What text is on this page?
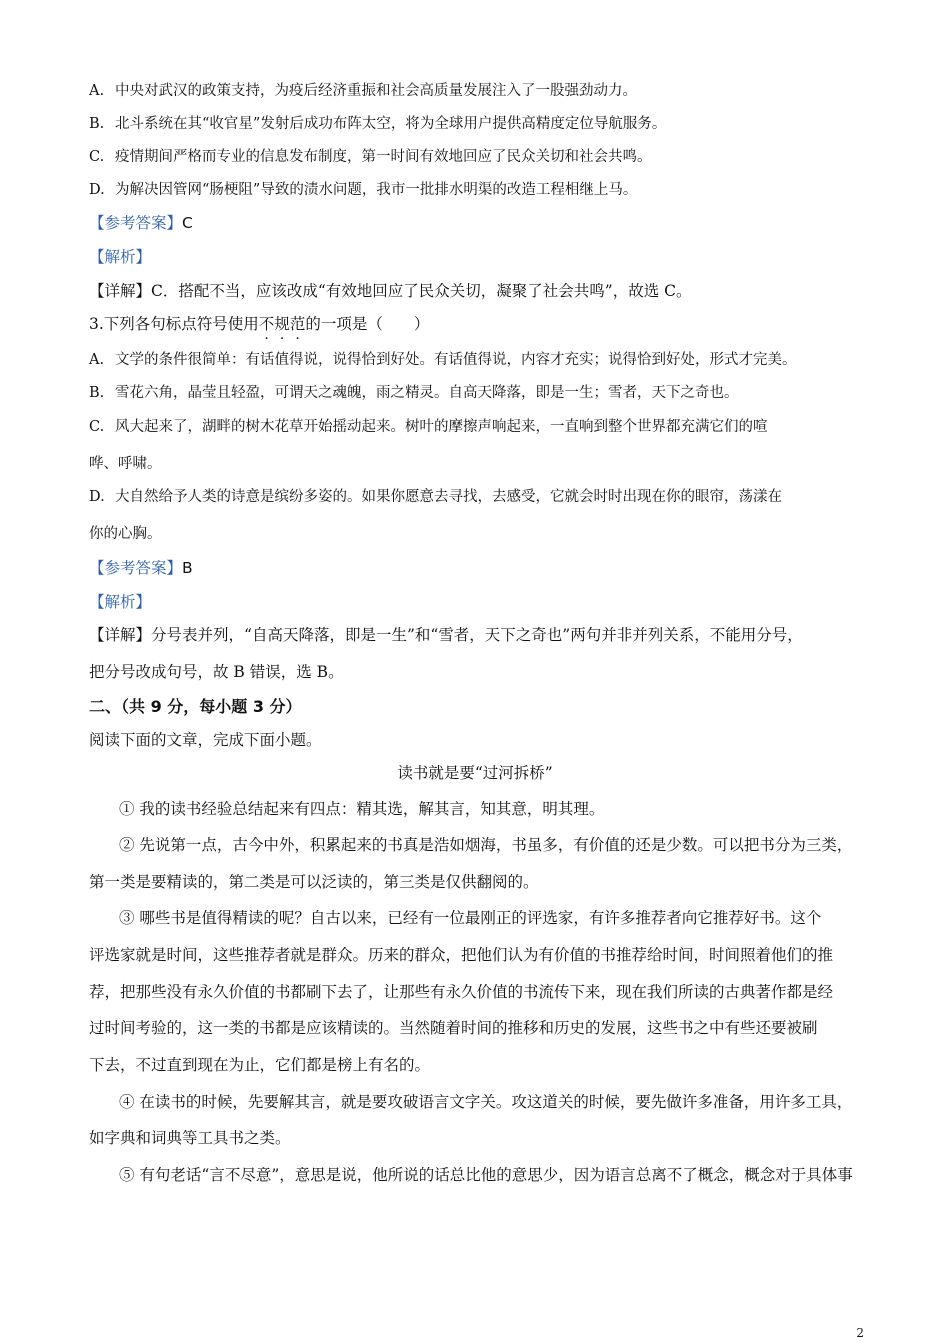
A. 中央对武汉的政策支持，为疫后经济重振和社会高质量发展注入了一股强劲动力。
B. 北斗系统在其“收官星”发射后成功布阵太空，将为全球用户提供高精度定位导航服务。
C. 疫情期间严格而专业的信息发布制度，第一时间有效地回应了民众关切和社会共鸣。
D. 为解决因管网“肠梗阻”导致的渍水问题，我市一批排水明渠的改造工程相继上马。
【参考答案】C
【解析】
【详解】C．搭配不当，应该改成“有效地回应了民众关切，凝聚了社会共鸣”，故选 C。
3.下列各句标点符号使用不规范的一项是（　　）
A. 文学的条件很简单：有话值得说，说得恰到好处。有话值得说，内容才充实；说得恰到好处，形式才完美。
B. 雪花六角，晶莹且轻盈，可谓天之魂魄，雨之精灵。自高天降落，即是一生；雪者，天下之奇也。
C. 风大起来了，湖畔的树木花草开始摇动起来。树叶的摩擦声响起来，一直响到整个世界都充满它们的喧
哗、呼啸。
D. 大自然给予人类的诗意是缤纷多姿的。如果你愿意去寻找，去感受，它就会时时出现在你的眼帘，荡漾在
你的心胸。
【参考答案】B
【解析】
【详解】分号表并列，“自高天降落，即是一生”和“雪者，天下之奇也”两句并非并列关系，不能用分号，
把分号改成句号，故 B 错误，选 B。
二、（共 9 分，每小题 3 分）
阅读下面的文章，完成下面小题。
读书就是要“过河拆桥”
① 我的读书经验总结起来有四点：精其选，解其言，知其意，明其理。
② 先说第一点，古今中外，积累起来的书真是浩如烟海，书虽多，有价值的还是少数。可以把书分为三类，
第一类是要精读的，第二类是可以泛读的，第三类是仅供翻阅的。
③ 哪些书是值得精读的呢？自古以来，已经有一位最刚正的评选家，有许多推荐者向它推荐好书。这个
评选家就是时间，这些推荐者就是群众。历来的群众，把他们认为有价值的书推荐给时间，时间照着他们的推
荐，把那些没有永久价值的书都刷下去了，让那些有永久价值的书流传下来，现在我们所读的古典著作都是经
过时间考验的，这一类的书都是应该精读的。当然随着时间的推移和历史的发展，这些书之中有些还要被刷
下去，不过直到现在为止，它们都是榜上有名的。
④ 在读书的时候，先要解其言，就是要攻破语言文字关。攻这道关的时候，要先做许多准备，用许多工具，
如字典和词典等工具书之类。
⑤ 有句老话“言不尽意”，意思是说，他所说的话总比他的意思少，因为语言总离不了概念，概念对于具体事
2
